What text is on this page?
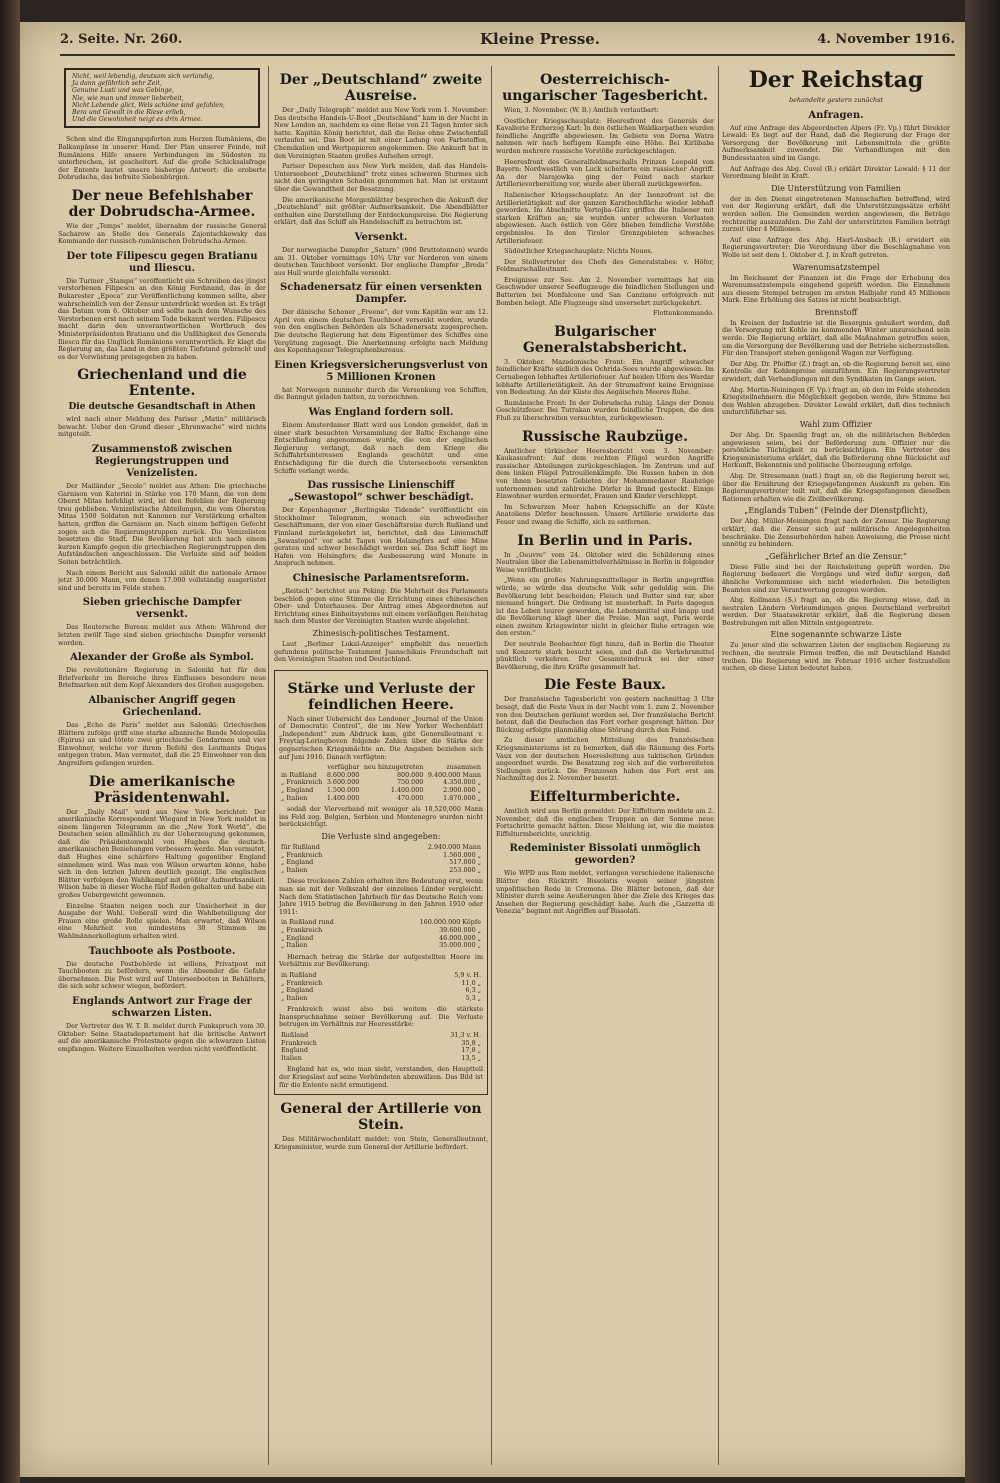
2. Seite. Nr. 260.	Kleine Presse.	4. November 1916.
Nicht, weil lebendig, deutsam sich verlandig,
Ja dann gefährlich sehr Zeit,
Genuine Lusti und was Gebinge,
Nie, wie man und immer lieberbeit,
Nicht Lebende glict, Wels schiöne sind gefahlen,
Bera und Gewalt in die Riese erlieb,
Und die Gewohnheit neigt es drin Armee.

Schon sind die Eingangspforten zum Herzen Rumäniens, die Balkanpässe in unserer Hand. Der Plan unserer Feinde, mit Rumäniens Hilfe unsere Verbindungen im Südosten zu unterbrechen, ist gescheitert. Auf die große Schicksalsfrage der Entente lautet unsere bisherige Antwort: die eroberte Dobrudscha, das befreite Siebenbürgen.

Der neue Befehlshaber der Dobrudscha-Armee.

Wie der „Temps“ meldet, übernahm der russische General Sacharow an Stelle des Generals Zajontschkowsky das Kommando der russisch-rumänischen Dobrudscha-Armee.

Der tote Filipescu gegen Bratianu und Iliescu.

Die Turiner „Stampa“ veröffentlicht ein Schreiben des jüngst verstorbenen Filipescu an den König Ferdinand, das in der Bukarester „Epoca“ zur Veröffentlichung kommen sollte, aber wahrscheinlich von der Zensur unterdrückt worden ist. Es trägt das Datum vom 6. Oktober und sollte nach dem Wunsche des Verstorbenen erst nach seinem Tode bekannt werden. Filipescu macht darin den unverantwortlichen Wortbruch des Ministerpräsidenten Bratianu und die Unfähigkeit des Generals Iliescu für das Unglück Rumäniens verantwortlich. Er klagt die Regierung an, das Land in den größten Tiefstand gebracht und es der Verwüstung preisgegeben zu haben.

Griechenland und die Entente.
Die deutsche Gesandtschaft in Athen

wird nach einer Meldung des Pariser „Matin“ militärisch bewacht. Ueber den Grund dieser „Ehrenwache“ wird nichts mitgeteilt.

Zusammenstoß zwischen Regierungstruppen und Venizelisten.

Der Mailänder „Secolo“ meldet aus Athen: Die griechische Garnison von Katerini in Stärke von 170 Mann, die von dem Oberst Mitas befehligt wird, ist den Befehlen der Regierung treu geblieben. Venizelistische Abteilungen, die vom Obersten Mitas 1500 Soldaten mit Kanonen zur Verstärkung erhalten hatten, griffen die Garnison an. Nach einem heftigen Gefecht zogen sich die Regierungstruppen zurück. Die Venizelisten besetzten die Stadt. Die Bevölkerung hat sich nach einem kurzen Kampfe gegen die griechischen Regierungstruppen den Aufständischen angeschlossen. Die Verluste sind auf beiden Seiten beträchtlich.

Nach einem Bericht aus Saloniki zählt die nationale Armee jetzt 30.000 Mann, von denen 17.000 vollständig ausgerüstet sind und bereits im Felde stehen.

Sieben griechische Dampfer versenkt.

Das Reutersche Bureau meldet aus Athen: Während der letzten zwölf Tage sind sieben griechische Dampfer versenkt worden.

Alexander der Große als Symbol.

Die revolutionäre Regierung in Saloniki hat für den Briefverkehr im Bereiche ihres Einflusses besondere neue Briefmarken mit dem Kopf Alexanders des Großen ausgegeben.

Albanischer Angriff gegen Griechenland.

Das „Echo de Paris“ meldet aus Saloniki: Griechischen Blättern zufolge griff eine starke albanische Bande Molopoulia (Epirus) an und tötete zwei griechische Gendarmen und vier Einwohner, welche vor ihrem Befehl des Leutnants Dugas entgegen traten. Man vermutet, daß die 25 Einwohner von den Angreifern gefangen wurden.

Die amerikanische Präsidentenwahl.

Der „Daily Mail“ wird aus New York berichtet: Der amerikanische Korrespondent Wiegand in New York meldet in einem längeren Telegramm an die „New York World“, die Deutschen seien allmählich zu der Ueberzeugung gekommen, daß die Präsidentenwahl von Hughes die deutsch-amerikanischen Beziehungen verbessern werde. Man vermutet, daß Hughes eine schärfere Haltung gegenüber England einnehmen wird. Was man von Wilson erwarten könne, habe sich in den letzten Jahren deutlich gezeigt. Die englischen Blätter verfolgen den Wahlkampf mit größter Aufmerksamkeit. Wilson habe in dieser Woche fünf Reden gehalten und habe ein großes Uebergewicht gewonnen.

Einzelne Staaten neigen noch zur Unsicherheit in der Ausgabe der Wahl. Ueberall wird die Wahlbeteiligung der Frauen eine große Rolle spielen. Man erwartet, daß Wilson eine Mehrheit von mindestens 30 Stimmen im Wahlmännerkollegium erhalten wird.

Tauchboote als Postboote.

Die deutsche Postbehörde ist willens, Privatpost mit Tauchbooten zu befördern, wenn die Absender die Gefahr übernehmen. Die Post wird auf Unterseebooten in Behältern, die sich sehr schwer wiegen, befördert.

Englands Antwort zur Frage der schwarzen Listen.

Der Vertreter des W. T. B. meldet durch Funkspruch vom 30. Oktober: Seine Staatsdepartement hat die britische Antwort auf die amerikanische Protestnote gegen die schwarzen Listen empfangen. Weitere Einzelheiten werden nicht veröffentlicht.

Der „Deutschland“ zweite Ausreise.

Der „Daily Telegraph“ meldet aus New York vom 1. November: Das deutsche Handels-U-Boot „Deutschland“ kam in der Nacht in New London an, nachdem es eine Reise von 21 Tagen hinter sich hatte. Kapitän König berichtet, daß die Reise ohne Zwischenfall verlaufen sei. Das Boot ist mit einer Ladung von Farbstoffen, Chemikalien und Wertpapieren angekommen. Die Ankunft hat in den Vereinigten Staaten großes Aufsehen erregt.

Pariser Depeschen aus New York melden, daß das Handels-Unterseeboot „Deutschland“ trotz eines schweren Sturmes sich nicht den geringsten Schaden genommen hat. Man ist erstaunt über die Gewandtheit der Besatzung.

Die amerikanische Morgenblätter besprechen die Ankunft der „Deutschland“ mit größter Aufmerksamkeit. Die Abendblätter enthalten eine Darstellung der Entdeckungsreise. Die Regierung erklärt, daß das Schiff als Handelsschiff zu betrachten ist.

Versenkt.

Der norwegische Dampfer „Saturn“ (906 Bruttotonnen) wurde am 31. Oktober vormittags 10¾ Uhr vor Norderen von einem deutschen Tauchboot versenkt. Der englische Dampfer „Breda“ aus Hull wurde gleichfalls versenkt.

Schadenersatz für einen versenkten Dampfer.

Der dänische Schoner „Freene“, der vom Kapitän war am 12. April von einem deutschen Tauchboot versenkt worden, wurde von den englischen Behörden als Schadenersatz zugesprochen. Die deutsche Regierung hat dem Eigentümer des Schiffes eine Vergütung zugesagt. Die Anerkennung erfolgte nach Meldung des Kopenhagener Telegraphenbureaus.

Einen Kriegsversicherungsverlust von 5 Millionen Kronen

hat Norwegen nunmehr durch die Versenkung von Schiffen, die Banngut geladen hatten, zu verzeichnen.

Was England fordern soll.

Einem Amsterdamer Blatt wird aus London gemeldet, daß in einer stark besuchten Versammlung der Baltic Exchange eine Entschließung angenommen wurde, die von der englischen Regierung verlangt, daß nach dem Kriege die Schiffahrtsinteressen Englands geschützt und eine Entschädigung für die durch die Unterseeboote versenkten Schiffe verlangt werde.

Das russische Linienschiff „Sewastopol“ schwer beschädigt.

Der Kopenhagener „Berlingske Tidende“ veröffentlicht ein Stockholmer Telegramm, wonach ein schwedischer Geschäftsmann, der von einer Geschäftsreise durch Rußland und Finnland zurückgekehrt ist, berichtet, daß das Linienschiff „Sewastopol“ vor acht Tagen von Helsingfors auf eine Mine geraten und schwer beschädigt worden sei. Das Schiff liegt im Hafen von Helsingfors; die Ausbesserung wird Monate in Anspruch nehmen.

Chinesische Parlamentsreform.

„Reitsch“ berichtet aus Peking: Die Mehrheit des Parlaments beschloß gegen eine Stimme die Errichtung eines chinesischen Ober- und Unterhauses. Der Antrag eines Abgeordneten auf Errichtung eines Einheitsystems mit einem vorläufigen Reichstag nach dem Muster der Vereinigten Staaten wurde abgelehnt.

Zhinesisch-politisches Testament.

Laut „Berliner Lokal-Anzeiger“ empfiehlt das neuerlich gefundene politische Testament Juanschikais Freundschaft mit den Vereinigten Staaten und Deutschland.

Stärke und Verluste der feindlichen Heere.

Nach einer Uebersicht des Londoner „Journal of the Union of Democratic Control“, die im New Yorker Wochenblatt „Independent“ zum Abdruck kam, gibt Generalleutnant v. Freytag-Loringhoven folgende Zahlen über die Stärke der gegnerischen Kriegsmächte an. Die Angaben beziehen sich auf Juni 1916. Danach verfügten:

	verfügbar	neu hinzugetreten	zusammen
in Rußland	8.600.000	800.000	9.400.000 Mann
„ Frankreich	3.600.000	750.000	4.350.000 „
„ England	1.500.000	1.400.000	2.900.000 „
„ Italien	1.400.000	470.000	1.870.000 „

sodaß der Vierverband mit weniger als 18,520,000 Mann ins Feld zog. Belgien, Serbien und Montenegro wurden nicht berücksichtigt.

Die Verluste sind angegeben:
für Rußland	2.940.000 Mann
„ Frankreich	1.560.000 „
„ England	517.000 „
„ Italien	253.000 „

Diese trockenen Zahlen erhalten ihre Bedeutung erst, wenn man sie mit der Volkszahl der einzelnen Länder vergleicht. Nach dem Statistischen Jahrbuch für das Deutsche Reich vom Jahre 1915 betrug die Bevölkerung in den Jahren 1910 oder 1911:

in Rußland rund	160.000.000 Köpfe
„ Frankreich	39.600.000 „
„ England	46.000.000 „
„ Italien	35.000.000 „

Hiernach betrug die Stärke der aufgestellten Heere im Verhältnis zur Bevölkerung:

in Rußland	5,9 v. H.
„ Frankreich	11,0 „
„ England	6,3 „
„ Italien	5,3 „

Frankreich weist also bei weitem die stärkste Inanspruchnahme seiner Bevölkerung auf. Die Verluste betrugen im Verhältnis zur Heeresstärke:

Rußland	31,3 v. H.
Frankreich	35,8 „
England	17,8 „
Italien	13,5 „

England hat es, wie man sieht, verstanden, den Hauptteil der Kriegslast auf seine Verbündeten abzuwälzen. Das Bild ist für die Entente nicht ermutigend.

General der Artillerie von Stein.

Das Militärwochenblatt meldet: von Stein, Generalleutnant, Kriegsminister, wurde zum General der Artillerie befördert.

Oesterreichisch-ungarischer Tagesbericht.

Wien, 3. November. (W. B.) Amtlich verlautbart:

Oestlicher Kriegsschauplatz: Heeresfront des Generals der Kavallerie Erzherzog Karl: In den östlichen Waldkarpathen wurden feindliche Angriffe abgewiesen. Im Gebiete von Dorna Watra nahmen wir nach heftigem Kampfe eine Höhe. Bei Kirlibaba wurden mehrere russische Vorstöße zurückgeschlagen.

Heeresfront des Generalfeldmarschalls Prinzen Leopold von Bayern: Nordwestlich von Luck scheiterte ein russischer Angriff. An der Narajowka ging der Feind nach starker Artillerievorbereitung vor, wurde aber überall zurückgeworfen.

Italienischer Kriegsschauplatz: An der Isonzofront ist die Artillerietätigkeit auf der ganzen Karsthochfläche wieder lebhaft geworden. Im Abschnitte Vertojba–Görz griffen die Italiener mit starken Kräften an; sie wurden unter schweren Verlusten abgewiesen. Auch östlich von Görz blieben feindliche Vorstöße ergebnislos. In den Tiroler Grenzgebieten schwaches Artilleriefeuer.

Südöstlicher Kriegsschauplatz: Nichts Neues.

Der Stellvertreter des Chefs des Generalstabes: v. Höfer, Feldmarschalleutnant.

Ereignisse zur See. Am 2. November vormittags hat ein Geschwader unserer Seeflugzeuge die feindlichen Stellungen und Batterien bei Monfalcone und San Canziano erfolgreich mit Bomben belegt. Alle Flugzeuge sind unversehrt zurückgekehrt.

Flottenkommando.

Bulgarischer Generalstabsbericht.

3. Oktober. Mazedonische Front: Ein Angriff schwacher feindlicher Kräfte südlich des Ochrida-Sees wurde abgewiesen. Im Cernabogen lebhaftes Artilleriefeuer. Auf beiden Ufern des Wardar lebhafte Artillerietätigkeit. An der Strumafront keine Ereignisse von Bedeutung. An der Küste des Aegäischen Meeres Ruhe.

Rumänische Front: In der Dobrudscha ruhig. Längs der Donau Geschützfeuer. Bei Tutrakan wurden feindliche Truppen, die den Fluß zu überschreiten versuchten, zurückgewiesen.

Russische Raubzüge.

Amtlicher türkischer Heeresbericht vom 3. November: Kaukasusfront: Auf dem rechten Flügel wurden Angriffe russischer Abteilungen zurückgeschlagen. Im Zentrum und auf dem linken Flügel Patrouillenkämpfe. Die Russen haben in den von ihnen besetzten Gebieten der Mohammedaner Raubzüge unternommen und zahlreiche Dörfer in Brand gesteckt. Einige Einwohner wurden ermordet, Frauen und Kinder verschleppt.

Im Schwarzen Meer haben Kriegsschiffe an der Küste Anatoliens Dörfer beschossen. Unsere Artillerie erwiderte das Feuer und zwang die Schiffe, sich zu entfernen.

In Berlin und in Paris.

In „Oeuvre“ vom 24. Oktober wird die Schilderung eines Neutralen über die Lebensmittelverhältnisse in Berlin in folgender Weise veröffentlicht:

„Wenn ein großes Nahrungsmittellager in Berlin angegriffen würde, so würde das deutsche Volk sehr geduldig sein. Die Bevölkerung lebt bescheiden; Fleisch und Butter sind rar, aber niemand hungert. Die Ordnung ist musterhaft. In Paris dagegen ist das Leben teurer geworden, die Lebensmittel sind knapp und die Bevölkerung klagt über die Preise. Man sagt, Paris werde einen zweiten Kriegswinter nicht in gleicher Ruhe ertragen wie den ersten.“

Der neutrale Beobachter fügt hinzu, daß in Berlin die Theater und Konzerte stark besucht seien, und daß die Verkehrsmittel pünktlich verkehren. Der Gesamteindruck sei der einer Bevölkerung, die ihre Kräfte gesammelt hat.

Die Feste Baux.

Der französische Tagesbericht von gestern nachmittag 3 Uhr besagt, daß die Feste Vaux in der Nacht vom 1. zum 2. November von den Deutschen geräumt worden sei. Der französische Bericht betont, daß die Deutschen das Fort vorher gesprengt hätten. Der Rückzug erfolgte planmäßig ohne Störung durch den Feind.

Zu dieser amtlichen Mitteilung des französischen Kriegsministeriums ist zu bemerken, daß die Räumung des Forts Vaux von der deutschen Heeresleitung aus taktischen Gründen angeordnet wurde. Die Besatzung zog sich auf die vorbereiteten Stellungen zurück. Die Franzosen haben das Fort erst am Nachmittag des 2. November besetzt.

Eiffelturmberichte.

Amtlich wird aus Berlin gemeldet: Der Eiffelturm meldete am 2. November, daß die englischen Truppen an der Somme neue Fortschritte gemacht hätten. Diese Meldung ist, wie die meisten Eiffelturmberichte, unrichtig.

Redeminister Bissolati unmöglich geworden?

Wie WPD aus Rom meldet, verlangen verschiedene italienische Blätter den Rücktritt Bissolatis wegen seiner jüngsten unpolitischen Rede in Cremona. Die Blätter betonen, daß der Minister durch seine Aeußerungen über die Ziele des Krieges das Ansehen der Regierung geschädigt habe. Auch die „Gazzetta di Venezia“ beginnt mit Angriffen auf Bissolati.

Der Reichstag
behandelte gestern zunächst
Anfragen.

Auf eine Anfrage des Abgeordneten Alpers (Fr. Vp.) führt Direktor Lewald: Es liegt auf der Hand, daß die Regierung der Frage der Versorgung der Bevölkerung mit Lebensmitteln die größte Aufmerksamkeit zuwendet. Die Verhandlungen mit den Bundesstaaten sind im Gange.

Auf Anfrage des Abg. Cuvel (B.) erklärt Direktor Lewald: § 11 der Verordnung bleibt in Kraft.

Die Unterstützung von Familien

der in den Dienst eingetretenen Mannschaften betreffend, wird von der Regierung erklärt, daß die Unterstützungssätze erhöht werden sollen. Die Gemeinden werden angewiesen, die Beträge rechtzeitig auszuzahlen. Die Zahl der unterstützten Familien beträgt zurzeit über 4 Millionen.

Auf eine Anfrage des Abg. Hierl-Ansbach (B.) erwidert ein Regierungsvertreter: Die Verordnung über die Beschlagnahme von Wolle ist seit dem 1. Oktober d. J. in Kraft getreten.

Warenumsatzstempel

Im Reichsamt der Finanzen ist die Frage der Erhebung des Warenumsatzstempels eingehend geprüft worden. Die Einnahmen aus diesem Stempel betrugen im ersten Halbjahr rund 45 Millionen Mark. Eine Erhöhung des Satzes ist nicht beabsichtigt.

Brennstoff

In Kreisen der Industrie ist die Besorgnis geäußert worden, daß die Versorgung mit Kohle im kommenden Winter unzureichend sein werde. Die Regierung erklärt, daß alle Maßnahmen getroffen seien, um die Versorgung der Bevölkerung und der Betriebe sicherzustellen. Für den Transport stehen genügend Wagen zur Verfügung.

Der Abg. Dr. Pfeiffer (Z.) fragt an, ob die Regierung bereit sei, eine Kontrolle der Kohlenpreise einzuführen. Ein Regierungsvertreter erwidert, daß Verhandlungen mit den Syndikaten im Gange seien.

Abg. Mertin-Neiningen (F. Vp.) fragt an, ob den im Felde stehenden Kriegsteilnehmern die Möglichkeit gegeben werde, ihre Stimme bei den Wahlen abzugeben. Direktor Lewald erklärt, daß dies technisch undurchführbar sei.

Wahl zum Offizier

Der Abg. Dr. Spaenlig fragt an, ob die militärischen Behörden angewiesen seien, bei der Beförderung zum Offizier nur die persönliche Tüchtigkeit zu berücksichtigen. Ein Vertreter des Kriegsministeriums erklärt, daß die Beförderung ohne Rücksicht auf Herkunft, Bekenntnis und politische Überzeugung erfolge.

Abg. Dr. Stresemann (natl.) fragt an, ob die Regierung bereit sei, über die Ernährung der Kriegsgefangenen Auskunft zu geben. Ein Regierungsvertreter teilt mit, daß die Kriegsgefangenen dieselben Rationen erhalten wie die Zivilbevölkerung.

„Englands Tuben“ (Feinde der Dienstpflicht),

Der Abg. Müller-Meiningen fragt nach der Zensur. Die Regierung erklärt, daß die Zensur sich auf militärische Angelegenheiten beschränke. Die Zensurbehörden haben Anweisung, die Presse nicht unnötig zu behindern.

„Gefährlicher Brief an die Zensur.“

Diese Fälle sind bei der Reichsleitung geprüft worden. Die Regierung bedauert die Vorgänge und wird dafür sorgen, daß ähnliche Vorkommnisse sich nicht wiederholen. Die beteiligten Beamten sind zur Verantwortung gezogen worden.

Abg. Kollmann (S.) fragt an, ob die Regierung wisse, daß in neutralen Ländern Verleumdungen gegen Deutschland verbreitet werden. Der Staatssekretär erklärt, daß die Regierung diesen Bestrebungen mit allen Mitteln entgegentrete.

Eine sogenannte schwarze Liste

Zu jener sind die schwarzen Listen der englischen Regierung zu rechnen, die neutrale Firmen treffen, die mit Deutschland Handel treiben. Die Regierung wird im Februar 1916 sicher festzustellen suchen, ob diese Listen bedeutet haben.
